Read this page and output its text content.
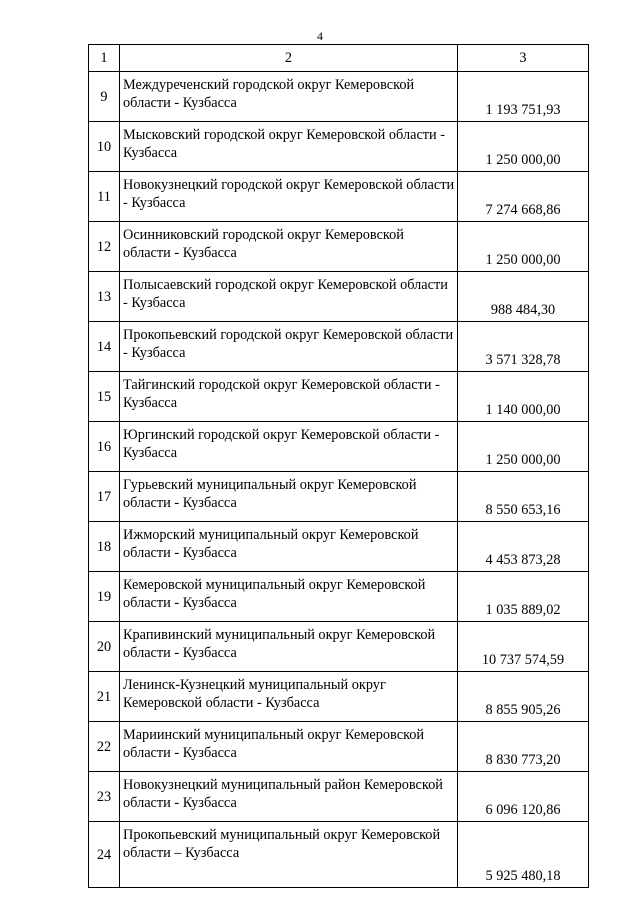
4
1	2	3
9	Междуреченский городской округ Кемеровской области - Кузбасса	1 193 751,93
10	Мысковский городской округ Кемеровской области - Кузбасса	1 250 000,00
11	Новокузнецкий городской округ Кемеровской области - Кузбасса	7 274 668,86
12	Осинниковский городской округ Кемеровской области - Кузбасса	1 250 000,00
13	Полысаевский городской округ Кемеровской области - Кузбасса	988 484,30
14	Прокопьевский городской округ Кемеровской области - Кузбасса	3 571 328,78
15	Тайгинский городской округ Кемеровской области - Кузбасса	1 140 000,00
16	Юргинский городской округ Кемеровской области - Кузбасса	1 250 000,00
17	Гурьевский муниципальный округ Кемеровской области - Кузбасса	8 550 653,16
18	Ижморский муниципальный округ Кемеровской области - Кузбасса	4 453 873,28
19	Кемеровской муниципальный округ Кемеровской области - Кузбасса	1 035 889,02
20	Крапивинский муниципальный округ Кемеровской области - Кузбасса	10 737 574,59
21	Ленинск-Кузнецкий муниципальный округ Кемеровской области - Кузбасса	8 855 905,26
22	Мариинский муниципальный округ Кемеровской области - Кузбасса	8 830 773,20
23	Новокузнецкий муниципальный район Кемеровской области - Кузбасса	6 096 120,86
24	Прокопьевский муниципальный округ Кемеровской области – Кузбасса	5 925 480,18
